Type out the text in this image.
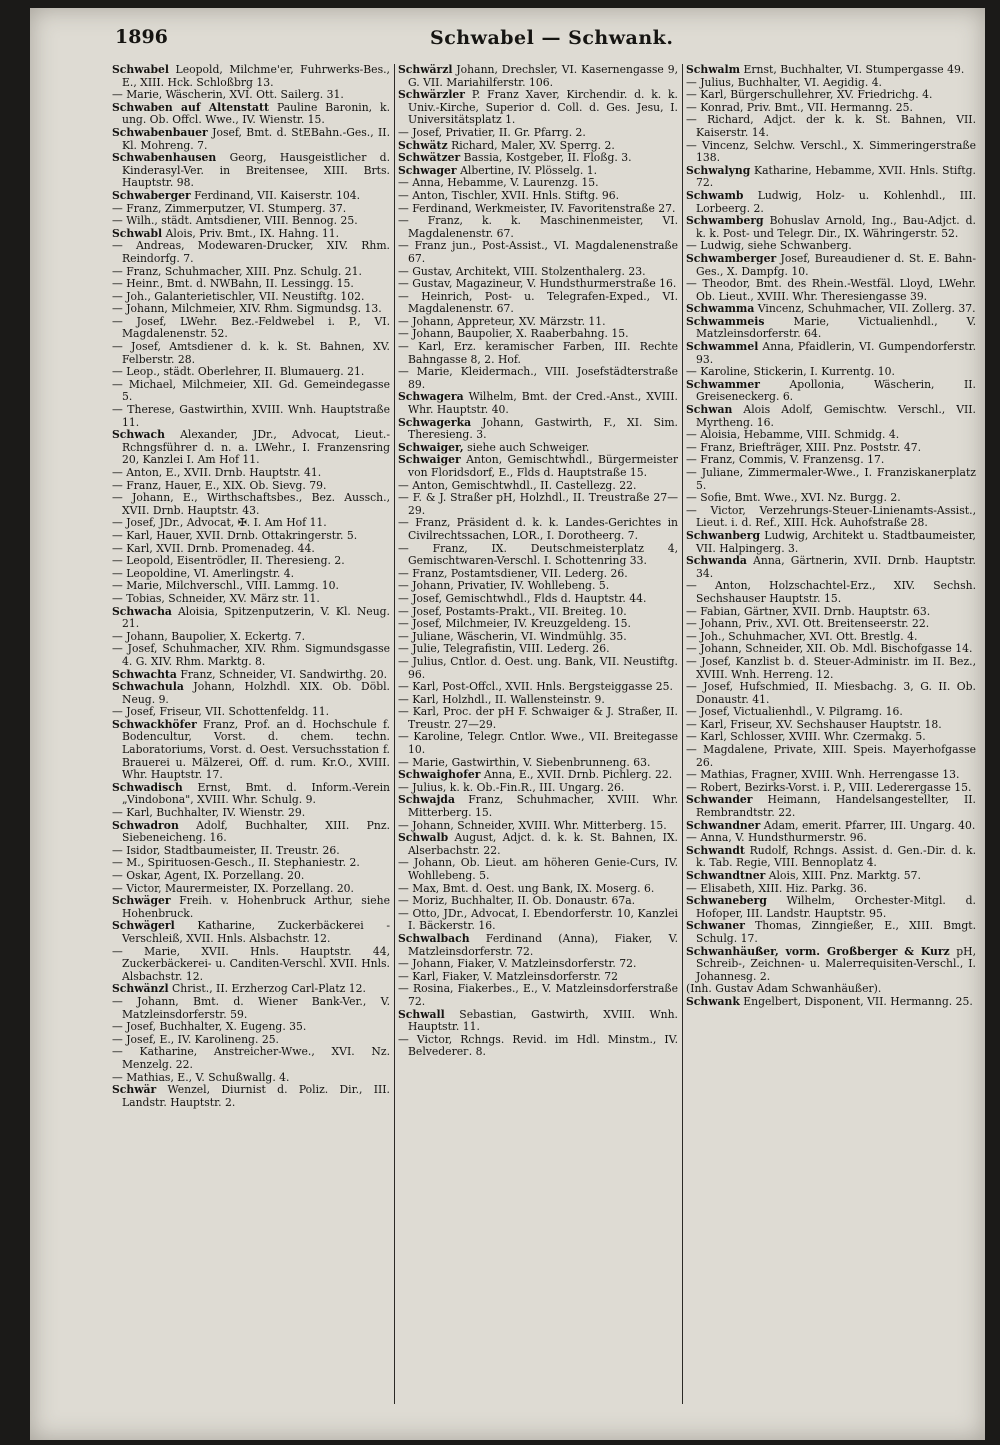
1896	Schwabel — Schwank.

Schwabel Leopold, Milchme'er, Fuhrwerks-Bes., E., XIII. Hck. Schloßbrg 13.

— Marie, Wäscherin, XVI. Ott. Sailerg. 31.

Schwaben auf Altenstatt Pauline Baronin, k. ung. Ob. Offcl. Wwe., IV. Wienstr. 15.

Schwabenbauer Josef, Bmt. d. StEBahn.-Ges., II. Kl. Mohreng. 7.

Schwabenhausen Georg, Hausgeistlicher d. Kinderasyl-Ver. in Breitensee, XIII. Brts. Hauptstr. 98.

Schwaberger Ferdinand, VII. Kaiserstr. 104.

— Franz, Zimmerputzer, VI. Stumperg. 37.

— Wilh., städt. Amtsdiener, VIII. Bennog. 25.

Schwabl Alois, Priv. Bmt., IX. Hahng. 11.

— Andreas, Modewaren-Drucker, XIV. Rhm. Reindorfg. 7.

— Franz, Schuhmacher, XIII. Pnz. Schulg. 21.

— Heinr., Bmt. d. NWBahn, II. Lessingg. 15.

— Joh., Galanterietischler, VII. Neustiftg. 102.

— Johann, Milchmeier, XIV. Rhm. Sigmundsg. 13.

— Josef, LWehr. Bez.-Feldwebel i. P., VI. Magdalenenstr. 52.

— Josef, Amtsdiener d. k. k. St. Bahnen, XV. Felberstr. 28.

— Leop., städt. Oberlehrer, II. Blumauerg. 21.

— Michael, Milchmeier, XII. Gd. Gemeindegasse 5.

— Therese, Gastwirthin, XVIII. Wnh. Hauptstraße 11.

Schwach Alexander, JDr., Advocat, Lieut.-Rchngsführer d. n. a. LWehr., I. Franzensring 20, Kanzlei I. Am Hof 11.

— Anton, E., XVII. Drnb. Hauptstr. 41.

— Franz, Hauer, E., XIX. Ob. Sievg. 79.

— Johann, E., Wirthschaftsbes., Bez. Aussch., XVII. Drnb. Hauptstr. 43.

— Josef, JDr., Advocat, ✠. I. Am Hof 11.

— Karl, Hauer, XVII. Drnb. Ottakringerstr. 5.

— Karl, XVII. Drnb. Promenadeg. 44.

— Leopold, Eisentrödler, II. Theresieng. 2.

— Leopoldine, VI. Amerlingstr. 4.

— Marie, Milchverschl., VIII. Lammg. 10.

— Tobias, Schneider, XV. März str. 11.

Schwacha Aloisia, Spitzenputzerin, V. Kl. Neug. 21.

— Johann, Baupolier, X. Eckertg. 7.

— Josef, Schuhmacher, XIV. Rhm. Sigmundsgasse 4. G. XIV. Rhm. Marktg. 8.

Schwachta Franz, Schneider, VI. Sandwirthg. 20.

Schwachula Johann, Holzhdl. XIX. Ob. Döbl. Neug. 9.

— Josef, Friseur, VII. Schottenfeldg. 11.

Schwackhöfer Franz, Prof. an d. Hochschule f. Bodencultur, Vorst. d. chem. techn. Laboratoriums, Vorst. d. Oest. Versuchsstation f. Brauerei u. Mälzerei, Off. d. rum. Kr.O., XVIII. Whr. Hauptstr. 17.

Schwadisch Ernst, Bmt. d. Inform.-Verein „Vindobona", XVIII. Whr. Schulg. 9.

— Karl, Buchhalter, IV. Wienstr. 29.

Schwadron Adolf, Buchhalter, XIII. Pnz. Siebeneicheng. 16.

— Isidor, Stadtbaumeister, II. Treustr. 26.

— M., Spirituosen-Gesch., II. Stephaniestr. 2.

— Oskar, Agent, IX. Porzellang. 20.

— Victor, Maurermeister, IX. Porzellang. 20.

Schwäger Freih. v. Hohenbruck Arthur, siehe Hohenbruck.

Schwägerl Katharine, Zuckerbäckerei - Verschleiß, XVII. Hnls. Alsbachstr. 12.

— Marie, XVII. Hnls. Hauptstr. 44, Zuckerbäckerei- u. Canditen-Verschl. XVII. Hnls. Alsbachstr. 12.

Schwänzl Christ., II. Erzherzog Carl-Platz 12.

— Johann, Bmt. d. Wiener Bank-Ver., V. Matzleinsdorferstr. 59.

— Josef, Buchhalter, X. Eugeng. 35.

— Josef, E., IV. Karolineng. 25.

— Katharine, Anstreicher-Wwe., XVI. Nz. Menzelg. 22.

— Mathias, E., V. Schußwallg. 4.

Schwär Wenzel, Diurnist d. Poliz. Dir., III. Landstr. Hauptstr. 2.

Schwärzl Johann, Drechsler, VI. Kasernengasse 9, G. VII. Mariahilferstr. 106.

Schwärzler P. Franz Xaver, Kirchendir. d. k. k. Univ.-Kirche, Superior d. Coll. d. Ges. Jesu, I. Universitätsplatz 1.

— Josef, Privatier, II. Gr. Pfarrg. 2.

Schwätz Richard, Maler, XV. Sperrg. 2.

Schwätzer Bassia, Kostgeber, II. Floßg. 3.

Schwager Albertine, IV. Plösselg. 1.

— Anna, Hebamme, V. Laurenzg. 15.

— Anton, Tischler, XVII. Hnls. Stiftg. 96.

— Ferdinand, Werkmeister, IV. Favoritenstraße 27.

— Franz, k. k. Maschinenmeister, VI. Magdalenenstr. 67.

— Franz jun., Post-Assist., VI. Magdalenenstraße 67.

— Gustav, Architekt, VIII. Stolzenthalerg. 23.

— Gustav, Magazineur, V. Hundsthurmerstraße 16.

— Heinrich, Post- u. Telegrafen-Exped., VI. Magdalenenstr. 67.

— Johann, Appreteur, XV. Märzstr. 11.

— Johann, Baupolier, X. Raaberbahng. 15.

— Karl, Erz. keramischer Farben, III. Rechte Bahngasse 8, 2. Hof.

— Marie, Kleidermach., VIII. Josefstädterstraße 89.

Schwagera Wilhelm, Bmt. der Cred.-Anst., XVIII. Whr. Hauptstr. 40.

Schwagerka Johann, Gastwirth, F., XI. Sim. Theresieng. 3.

Schwaiger, siehe auch Schweiger.

Schwaiger Anton, Gemischtwhdl., Bürgermeister von Floridsdorf, E., Flds d. Hauptstraße 15.

— Anton, Gemischtwhdl., II. Castellezg. 22.

— F. & J. Straßer pH, Holzhdl., II. Treustraße 27—29.

— Franz, Präsident d. k. k. Landes-Gerichtes in Civilrechtssachen, LOR., I. Dorotheerg. 7.

— Franz, IX. Deutschmeisterplatz 4, Gemischtwaren-Verschl. I. Schottenring 33.

— Franz, Postamtsdiener, VII. Lederg. 26.

— Johann, Privatier, IV. Wohllebeng. 5.

— Josef, Gemischtwhdl., Flds d. Hauptstr. 44.

— Josef, Postamts-Prakt., VII. Breiteg. 10.

— Josef, Milchmeier, IV. Kreuzgeldeng. 15.

— Juliane, Wäscherin, VI. Windmühlg. 35.

— Julie, Telegrafistin, VIII. Lederg. 26.

— Julius, Cntlor. d. Oest. ung. Bank, VII. Neustiftg. 96.

— Karl, Post-Offcl., XVII. Hnls. Bergsteiggasse 25.

— Karl, Holzhdl., II. Wallensteinstr. 9.

— Karl, Proc. der pH F. Schwaiger & J. Straßer, II. Treustr. 27—29.

— Karoline, Telegr. Cntlor. Wwe., VII. Breitegasse 10.

— Marie, Gastwirthin, V. Siebenbrunneng. 63.

Schwaighofer Anna, E., XVII. Drnb. Pichlerg. 22.

— Julius, k. k. Ob.-Fin.R., III. Ungarg. 26.

Schwajda Franz, Schuhmacher, XVIII. Whr. Mitterberg. 15.

— Johann, Schneider, XVIII. Whr. Mitterberg. 15.

Schwalb August, Adjct. d. k. k. St. Bahnen, IX. Alserbachstr. 22.

— Johann, Ob. Lieut. am höheren Genie-Curs, IV. Wohllebeng. 5.

— Max, Bmt. d. Oest. ung Bank, IX. Moserg. 6.

— Moriz, Buchhalter, II. Ob. Donaustr. 67a.

— Otto, JDr., Advocat, I. Ebendorferstr. 10, Kanzlei I. Bäckerstr. 16.

Schwalbach Ferdinand (Anna), Fiaker, V. Matzleinsdorferstr. 72.

— Johann, Fiaker, V. Matzleinsdorferstr. 72.

— Karl, Fiaker, V. Matzleinsdorferstr. 72

— Rosina, Fiakerbes., E., V. Matzleinsdorferstraße 72.

Schwall Sebastian, Gastwirth, XVIII. Wnh. Hauptstr. 11.

— Victor, Rchngs. Revid. im Hdl. Minstm., IV. Belvederег. 8.

Schwalm Ernst, Buchhalter, VI. Stumpergasse 49.

— Julius, Buchhalter, VI. Aegidig. 4.

— Karl, Bürgerschullehrer, XV. Friedrichg. 4.

— Konrad, Priv. Bmt., VII. Hermanng. 25.

— Richard, Adjct. der k. k. St. Bahnen, VII. Kaiserstr. 14.

— Vincenz, Selchw. Verschl., X. Simmeringerstraße 138.

Schwalyng Katharine, Hebamme, XVII. Hnls. Stiftg. 72.

Schwamb Ludwig, Holz- u. Kohlenhdl., III. Lorbeerg. 2.

Schwamberg Bohuslav Arnold, Ing., Bau-Adjct. d. k. k. Post- und Telegr. Dir., IX. Währingerstr. 52.

— Ludwig, siehe Schwanberg.

Schwamberger Josef, Bureaudiener d. St. E. Bahn-Ges., X. Dampfg. 10.

— Theodor, Bmt. des Rhein.-Westfäl. Lloyd, LWehr. Ob. Lieut., XVIII. Whr. Theresiengasse 39.

Schwamma Vincenz, Schuhmacher, VII. Zollerg. 37.

Schwammeis	Marie, Victualienhdl., V. Matzleinsdorferstr. 64.

Schwammel Anna, Pfaidlerin, VI. Gumpendorferstr. 93.

— Karoline, Stickerin, I. Kurrentg. 10.

Schwammer	Apollonia, Wäscherin, II. Greiseneckerg. 6.

Schwan Alois Adolf, Gemischtw. Verschl., VII. Myrtheng. 16.

— Aloisia, Hebamme, VIII. Schmidg. 4.

— Franz, Briefträger, XIII. Pnz. Poststr. 47.

— Franz, Commis, V. Franzensg. 17.

— Juliane, Zimmermaler-Wwe., I. Franziskanerplatz 5.

— Sofie, Bmt. Wwe., XVI. Nz. Burgg. 2.

— Victor, Verzehrungs-Steuer-Linienamts-Assist., Lieut. i. d. Ref., XIII. Hck. Auhofstraße 28.

Schwanberg Ludwig, Architekt u. Stadtbaumeister, VII. Halpingerg. 3.

Schwanda Anna, Gärtnerin, XVII. Drnb. Hauptstr. 34.

— Anton, Holzschachtel-Erz., XIV. Sechsh. Sechshauser Hauptstr. 15.

— Fabian, Gärtner, XVII. Drnb. Hauptstr. 63.

— Johann, Priv., XVI. Ott. Breitenseerstr. 22.

— Joh., Schuhmacher, XVI. Ott. Brestlg. 4.

— Johann, Schneider, XII. Ob. Mdl. Bischofgasse 14.

— Josef, Kanzlist b. d. Steuer-Administr. im II. Bez., XVIII. Wnh. Herreng. 12.

— Josef, Hufschmied, II. Miesbachg. 3, G. II. Ob. Donaustr. 41.

— Josef, Victualienhdl., V. Pilgramg. 16.

— Karl, Friseur, XV. Sechshauser Hauptstr. 18.

— Karl, Schlosser, XVIII. Whr. Czermakg. 5.

— Magdalene, Private, XIII. Speis. Mayerhofgasse 26.

— Mathias, Fragner, XVIII. Wnh. Herrengasse 13.

— Robert, Bezirks-Vorst. i. P., VIII. Lederergasse 15.

Schwander Heimann, Handelsangestellter, II. Rembrandtstr. 22.

Schwandner Adam, emerit. Pfarrer, III. Ungarg. 40.

— Anna, V. Hundsthurmerstr. 96.

Schwandt Rudolf, Rchngs. Assist. d. Gen.-Dir. d. k. k. Tab. Regie, VIII. Bennoplatz 4.

Schwandtner Alois, XIII. Pnz. Marktg. 57.

— Elisabeth, XIII. Hiz. Parkg. 36.

Schwaneberg Wilhelm, Orchester-Mitgl. d. Hofoper, III. Landstr. Hauptstr. 95.

Schwaner Thomas, Zinngießer, E., XIII. Bmgt. Schulg. 17.

Schwanhäußer, vorm. Großberger & Kurz pH, Schreib-, Zeichnen- u. Malerrequisiten-Verschl., I. Johannesg. 2.

(Inh. Gustav Adam Schwanhäußer).

Schwank Engelbert, Disponent, VII. Hermanng. 25.
